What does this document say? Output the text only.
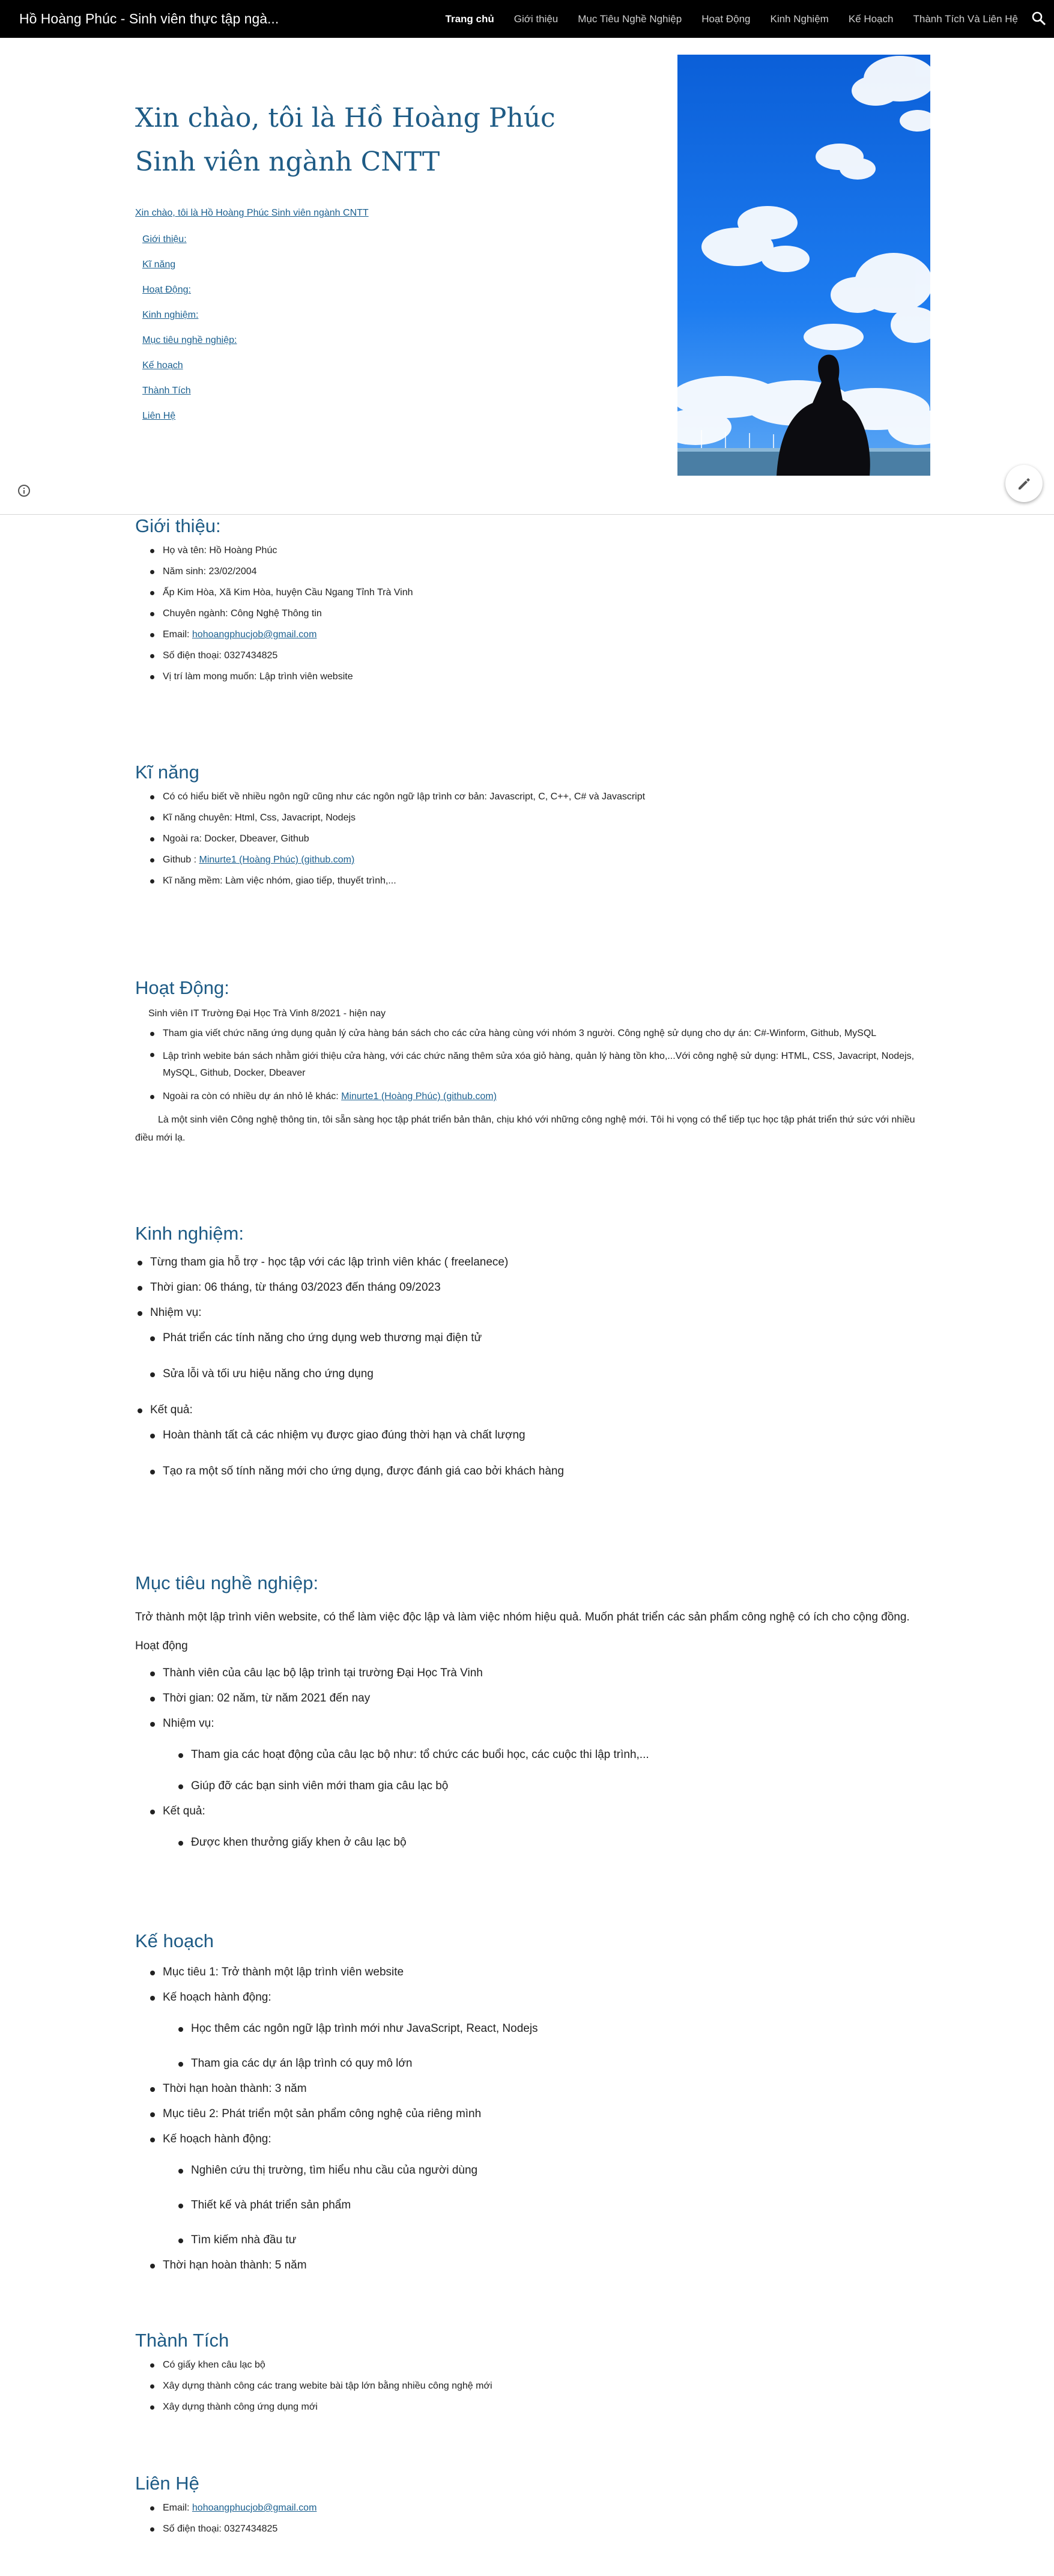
Hồ Hoàng Phúc - Sinh viên thực tập ngà...	Trang chủ Giới thiệu Mục Tiêu Nghề Nghiệp Hoạt Động Kinh Nghiệm Kế Hoạch Thành Tích Và Liên Hệ
Xin chào, tôi là Hồ Hoàng Phúc Sinh viên ngành CNTT
Xin chào, tôi là Hồ Hoàng Phúc Sinh viên ngành CNTT
Giới thiệu:
Kĩ năng
Hoạt Động:
Kinh nghiệm:
Mục tiêu nghề nghiệp:
Kế hoạch
Thành Tích
Liên Hệ
Giới thiệu:
Họ và tên: Hồ Hoàng Phúc
Năm sinh: 23/02/2004
Ấp Kim Hòa, Xã Kim Hòa, huyện Cầu Ngang Tỉnh Trà Vinh
Chuyên ngành: Công Nghệ Thông tin
Email: hohoangphucjob@gmail.com
Số điện thoại: 0327434825
Vị trí làm mong muốn: Lập trình viên website
Kĩ năng
Có có hiểu biết về nhiều ngôn ngữ cũng như các ngôn ngữ lập trình cơ bản: Javascript, C, C++, C# và Javascript
Kĩ năng chuyên: Html, Css, Javacript, Nodejs
Ngoài ra: Docker, Dbeaver, Github
Github : Minurte1 (Hoàng Phúc) (github.com)
Kĩ năng mềm: Làm việc nhóm, giao tiếp, thuyết trình,...
Hoạt Động:
Sinh viên IT Trường Đại Học Trà Vinh 8/2021 - hiện nay
Tham gia viết chức năng ứng dụng quản lý cửa hàng bán sách cho các cửa hàng cùng với nhóm 3 người. Công nghệ sử dụng cho dự án: C#-Winform, Github, MySQL
Lập trình webite bán sách nhằm giới thiệu cửa hàng, với các chức năng thêm sửa xóa giỏ hàng, quản lý hàng tồn kho,...Với công nghệ sử dụng: HTML, CSS, Javacript, Nodejs, MySQL, Github, Docker, Dbeaver
Ngoài ra còn có nhiều dự án nhỏ lẻ khác: Minurte1 (Hoàng Phúc) (github.com)

Là một sinh viên Công nghệ thông tin, tôi sẵn sàng học tập phát triển bản thân, chịu khó với những công nghệ mới. Tôi hi vọng có thể tiếp tục học tập phát triển thứ sức với nhiều điều mới lạ.

Kinh nghiệm:
Từng tham gia hỗ trợ - học tập với các lập trình viên khác ( freelanece)
Thời gian: 06 tháng, từ tháng 03/2023 đến tháng 09/2023
Nhiệm vụ:
Phát triển các tính năng cho ứng dụng web thương mại điện tử
Sửa lỗi và tối ưu hiệu năng cho ứng dụng
Kết quả:
Hoàn thành tất cả các nhiệm vụ được giao đúng thời hạn và chất lượng
Tạo ra một số tính năng mới cho ứng dụng, được đánh giá cao bởi khách hàng
Mục tiêu nghề nghiệp:

Trở thành một lập trình viên website, có thể làm việc độc lập và làm việc nhóm hiệu quả. Muốn phát triển các sản phẩm công nghệ có ích cho cộng đồng.

Hoạt động

Thành viên của câu lạc bộ lập trình tại trường Đại Học Trà Vinh
Thời gian: 02 năm, từ năm 2021 đến nay
Nhiệm vụ:
Tham gia các hoạt động của câu lạc bộ như: tổ chức các buổi học, các cuộc thi lập trình,...
Giúp đỡ các bạn sinh viên mới tham gia câu lạc bộ
Kết quả:
Được khen thưởng giấy khen ở câu lạc bộ
Kế hoạch
Mục tiêu 1: Trở thành một lập trình viên website
Kế hoạch hành động:
Học thêm các ngôn ngữ lập trình mới như JavaScript, React, Nodejs
Tham gia các dự án lập trình có quy mô lớn
Thời hạn hoàn thành: 3 năm
Mục tiêu 2: Phát triển một sản phẩm công nghệ của riêng mình
Kế hoạch hành động:
Nghiên cứu thị trường, tìm hiểu nhu cầu của người dùng
Thiết kế và phát triển sản phẩm
Tìm kiếm nhà đầu tư
Thời hạn hoàn thành: 5 năm
Thành Tích
Có giấy khen câu lạc bộ
Xây dựng thành công các trang webite bài tập lớn bằng nhiều công nghệ mới
Xây dựng thành công ứng dụng mới
Liên Hệ
Email: hohoangphucjob@gmail.com
Số điện thoại: 0327434825
